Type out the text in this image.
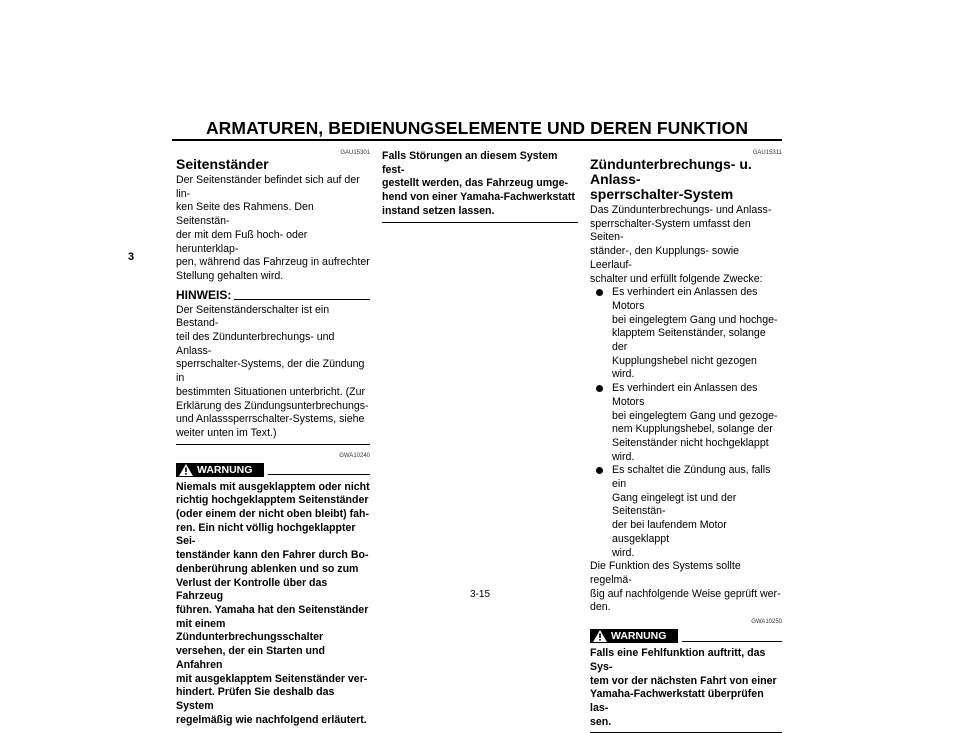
ARMATUREN, BEDIENUNGSELEMENTE UND DEREN FUNKTION
3
GAU15301
Seitenständer
Der Seitenständer befindet sich auf der lin-
ken Seite des Rahmens. Den Seitenstän-
der mit dem Fuß hoch- oder herunterklap-
pen, während das Fahrzeug in aufrechter
Stellung gehalten wird.
HINWEIS:
Der Seitenständerschalter ist ein Bestand-
teil des Zündunterbrechungs- und Anlass-
sperrschalter-Systems, der die Zündung in
bestimmten Situationen unterbricht. (Zur
Erklärung des Zündungsunterbrechungs-
und Anlasssperrschalter-Systems, siehe
weiter unten im Text.)
GWA10240
WARNUNG
Niemals mit ausgeklapptem oder nicht
richtig hochgeklapptem Seitenständer
(oder einem der nicht oben bleibt) fah-
ren. Ein nicht völlig hochgeklappter Sei-
tenständer kann den Fahrer durch Bo-
denberührung ablenken und so zum
Verlust der Kontrolle über das Fahrzeug
führen. Yamaha hat den Seitenständer
mit einem Zündunterbrechungsschalter
versehen, der ein Starten und Anfahren
mit ausgeklapptem Seitenständer ver-
hindert. Prüfen Sie deshalb das System
regelmäßig wie nachfolgend erläutert.
Falls Störungen an diesem System fest-
gestellt werden, das Fahrzeug umge-
hend von einer Yamaha-Fachwerkstatt
instand setzen lassen.
GAU15311
Zündunterbrechungs- u. Anlass-
sperrschalter-System
Das Zündunterbrechungs- und Anlass-
sperrschalter-System umfasst den Seiten-
ständer-, den Kupplungs- sowie Leerlauf-
schalter und erfüllt folgende Zwecke:
Es verhindert ein Anlassen des Motors
bei eingelegtem Gang und hochge-
klapptem Seitenständer, solange der
Kupplungshebel nicht gezogen wird.
Es verhindert ein Anlassen des Motors
bei eingelegtem Gang und gezoge-
nem Kupplungshebel, solange der
Seitenständer nicht hochgeklappt
wird.
Es schaltet die Zündung aus, falls ein
Gang eingelegt ist und der Seitenstän-
der bei laufendem Motor ausgeklappt
wird.
Die Funktion des Systems sollte regelmä-
ßig auf nachfolgende Weise geprüft wer-
den.
GWA10250
WARNUNG
Falls eine Fehlfunktion auftritt, das Sys-
tem vor der nächsten Fahrt von einer
Yamaha-Fachwerkstatt überprüfen las-
sen.
3-15
